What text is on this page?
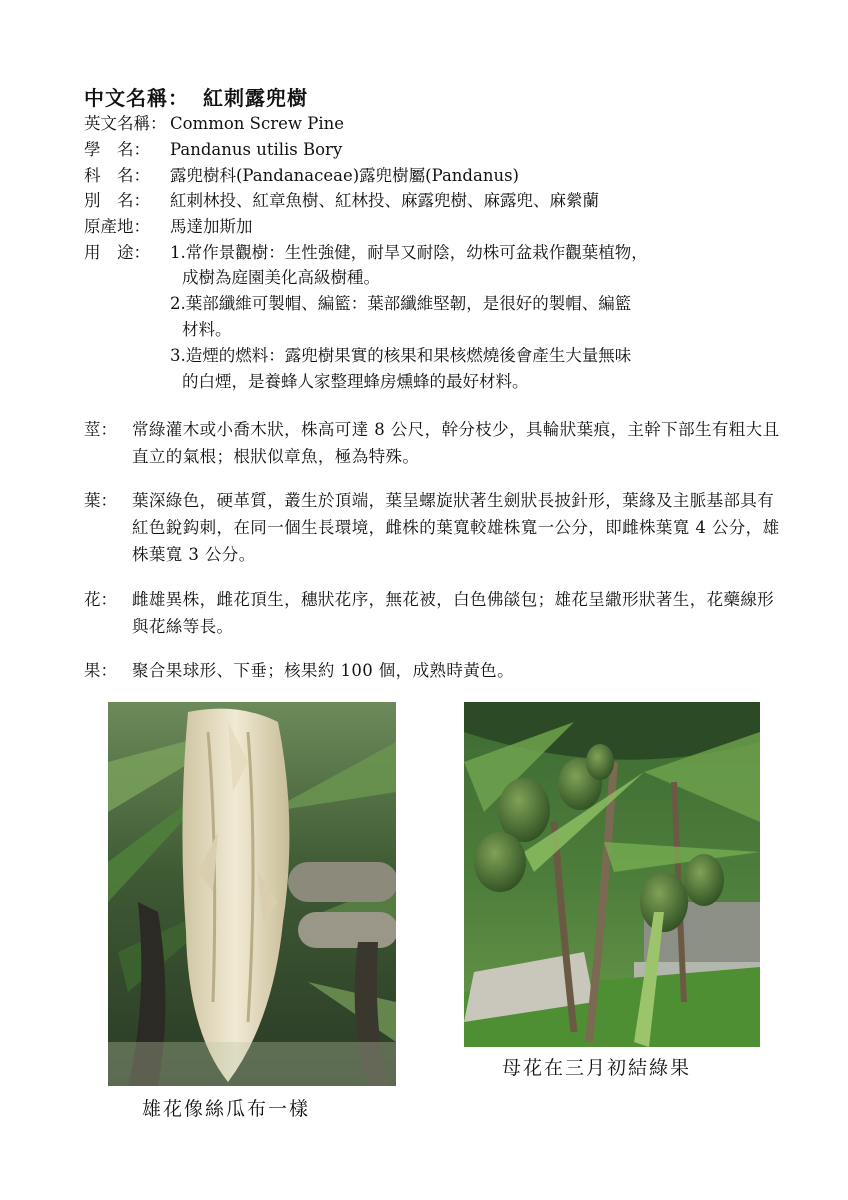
中文名稱： 紅刺露兜樹
英文名稱： Common Screw Pine
學　名： Pandanus utilis Bory
科　名： 露兜樹科(Pandanaceae)露兜樹屬(Pandanus)
別　名： 紅刺林投、紅章魚樹、紅林投、麻露兜樹、麻露兜、麻縈蘭
原產地： 馬達加斯加
用　途： 1.常作景觀樹：生性強健，耐旱又耐陰，幼株可盆栽作觀葉植物，
成樹為庭園美化高級樹種。
2.葉部纖維可製帽、編籃：葉部纖維堅韌，是很好的製帽、編籃
材料。
3.造煙的燃料：露兜樹果實的核果和果核燃燒後會產生大量無味
的白煙，是養蜂人家整理蜂房燻蜂的最好材料。
莖： 常綠灌木或小喬木狀，株高可達 8 公尺，幹分枝少，具輪狀葉痕，主幹下部生有粗大且直立的氣根；根狀似章魚，極為特殊。
葉： 葉深綠色，硬革質，叢生於頂端，葉呈螺旋狀著生劍狀長披針形，葉緣及主脈基部具有紅色銳鈎刺，在同一個生長環境，雌株的葉寬較雄株寬一公分，即雌株葉寬 4 公分，雄株葉寬 3 公分。
花： 雌雄異株，雌花頂生，穗狀花序，無花被，白色佛燄包；雄花呈繖形狀著生，花藥線形與花絲等長。
果： 聚合果球形、下垂；核果約 100 個，成熟時黃色。
雄花像絲瓜布一樣
母花在三月初結綠果
